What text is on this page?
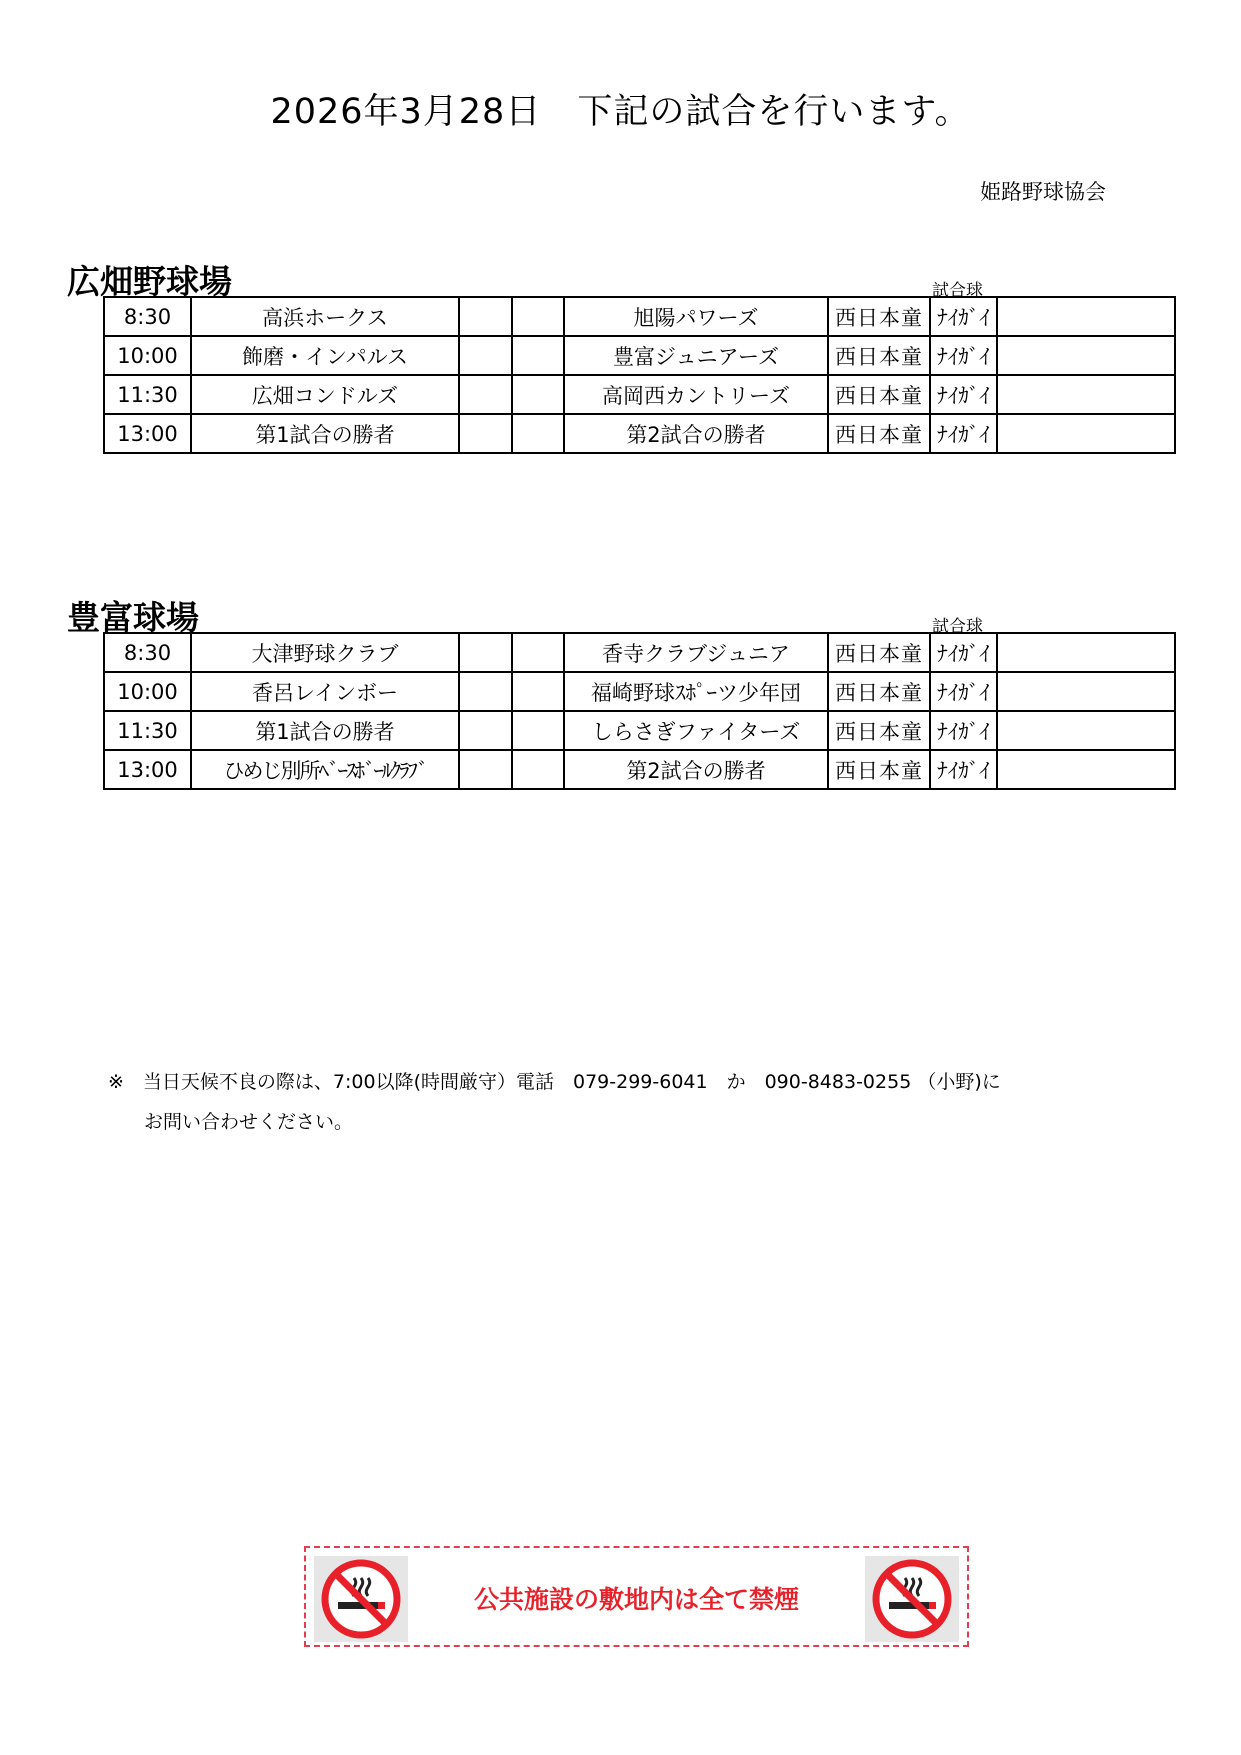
2026年3月28日　下記の試合を行います。
姫路野球協会
広畑野球場	試合球
8:30	高浜ホークス			旭陽パワーズ	西日本童	ﾅｲｶﾞｲ	
10:00	飾磨・インパルス			豊富ジュニアーズ	西日本童	ﾅｲｶﾞｲ	
11:30	広畑コンドルズ			高岡西カントリーズ	西日本童	ﾅｲｶﾞｲ	
13:00	第1試合の勝者			第2試合の勝者	西日本童	ﾅｲｶﾞｲ	
豊富球場	試合球
8:30	大津野球クラブ			香寺クラブジュニア	西日本童	ﾅｲｶﾞｲ	
10:00	香呂レインボー			福崎野球ｽﾎﾟｰツ少年団	西日本童	ﾅｲｶﾞｲ	
11:30	第1試合の勝者			しらさぎファイターズ	西日本童	ﾅｲｶﾞｲ	
13:00	ひめじ別所ﾍﾞｰｽﾎﾞｰﾙｸﾗﾌﾞ			第2試合の勝者	西日本童	ﾅｲｶﾞｲ	
※　当日天候不良の際は、7:00以降(時間厳守）電話　079-299-6041　か　090-8483-0255 （小野)に
お問い合わせください。
公共施設の敷地内は全て禁煙
